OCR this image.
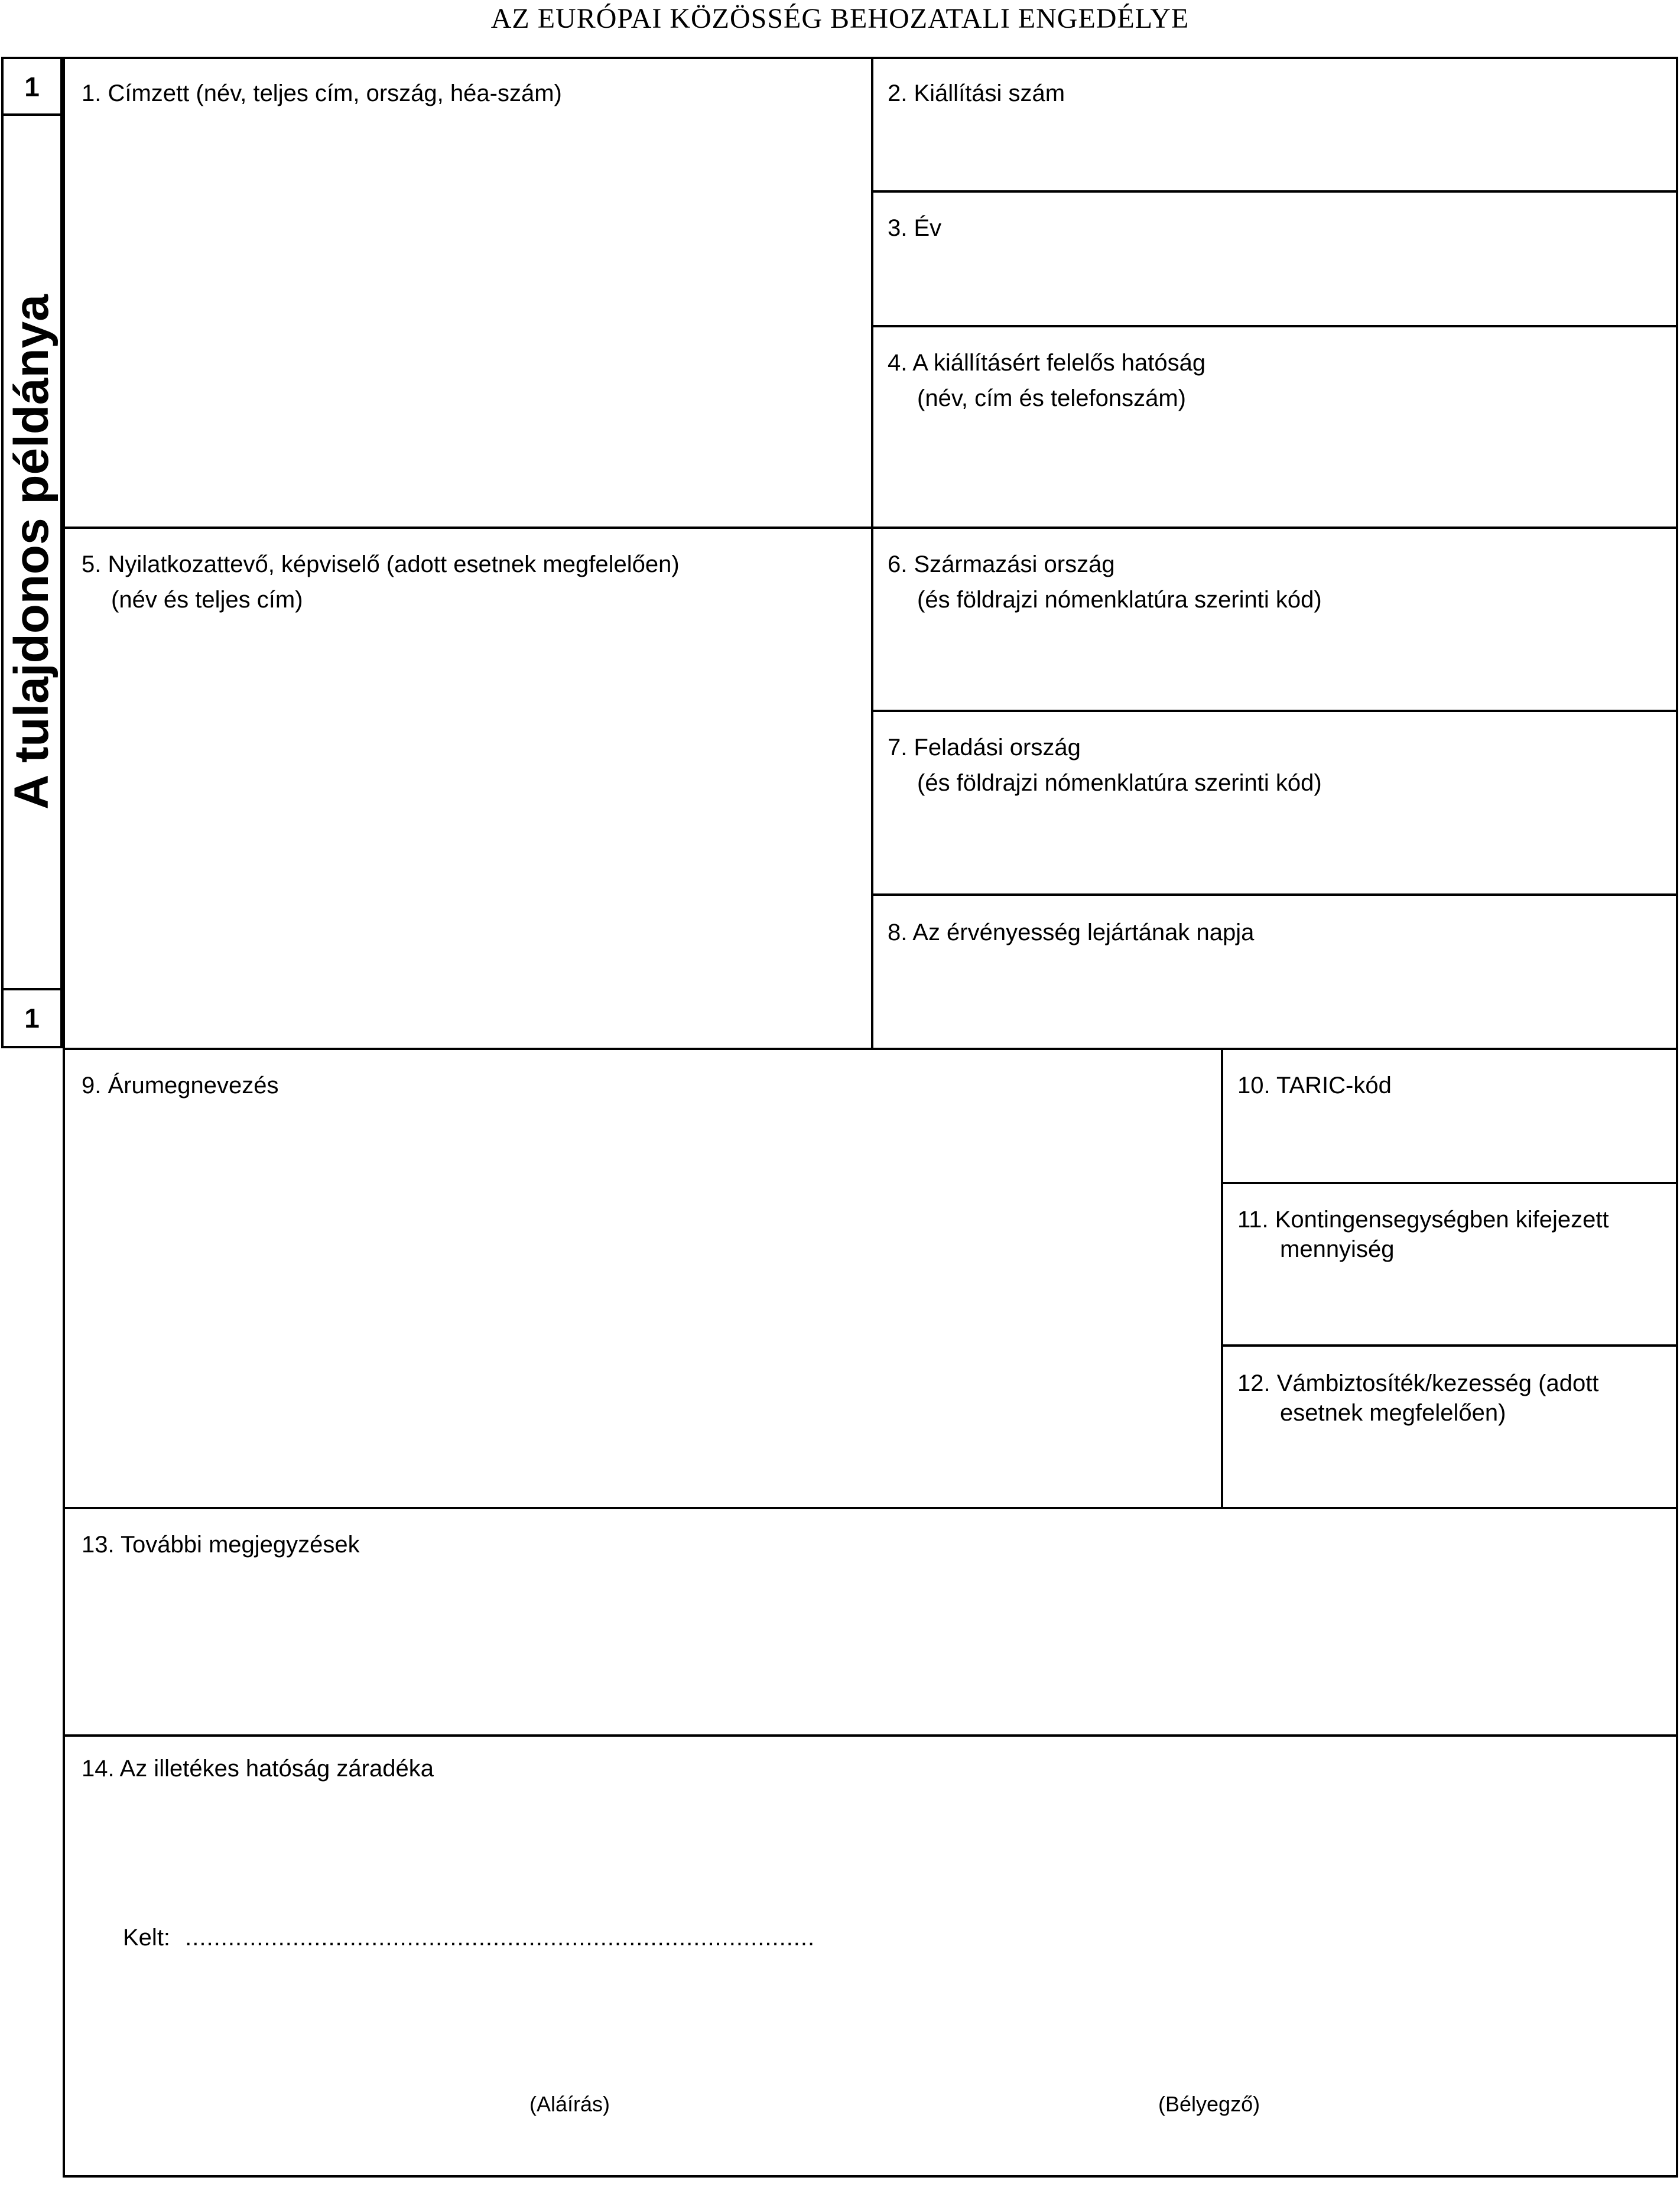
AZ EURÓPAI KÖZÖSSÉG BEHOZATALI ENGEDÉLYE
1
A tulajdonos példánya
1
1. Címzett (név, teljes cím, ország, héa-szám)	2. Kiállítási szám
3. Év
4. A kiállításért felelős hatóság
(név, cím és telefonszám)
5. Nyilatkozattevő, képviselő (adott esetnek megfelelően)
(név és teljes cím)
6. Származási ország
(és földrajzi nómenklatúra szerinti kód)
7. Feladási ország
(és földrajzi nómenklatúra szerinti kód)
8. Az érvényesség lejártának napja
9. Árumegnevezés	10. TARIC-kód
11. Kontingensegységben kifejezett
mennyiség
12. Vámbiztosíték/kezesség (adott
esetnek megfelelően)
13. További megjegyzések
14. Az illetékes hatóság záradéka
Kelt: ........................................................................................
(Aláírás)	(Bélyegző)
